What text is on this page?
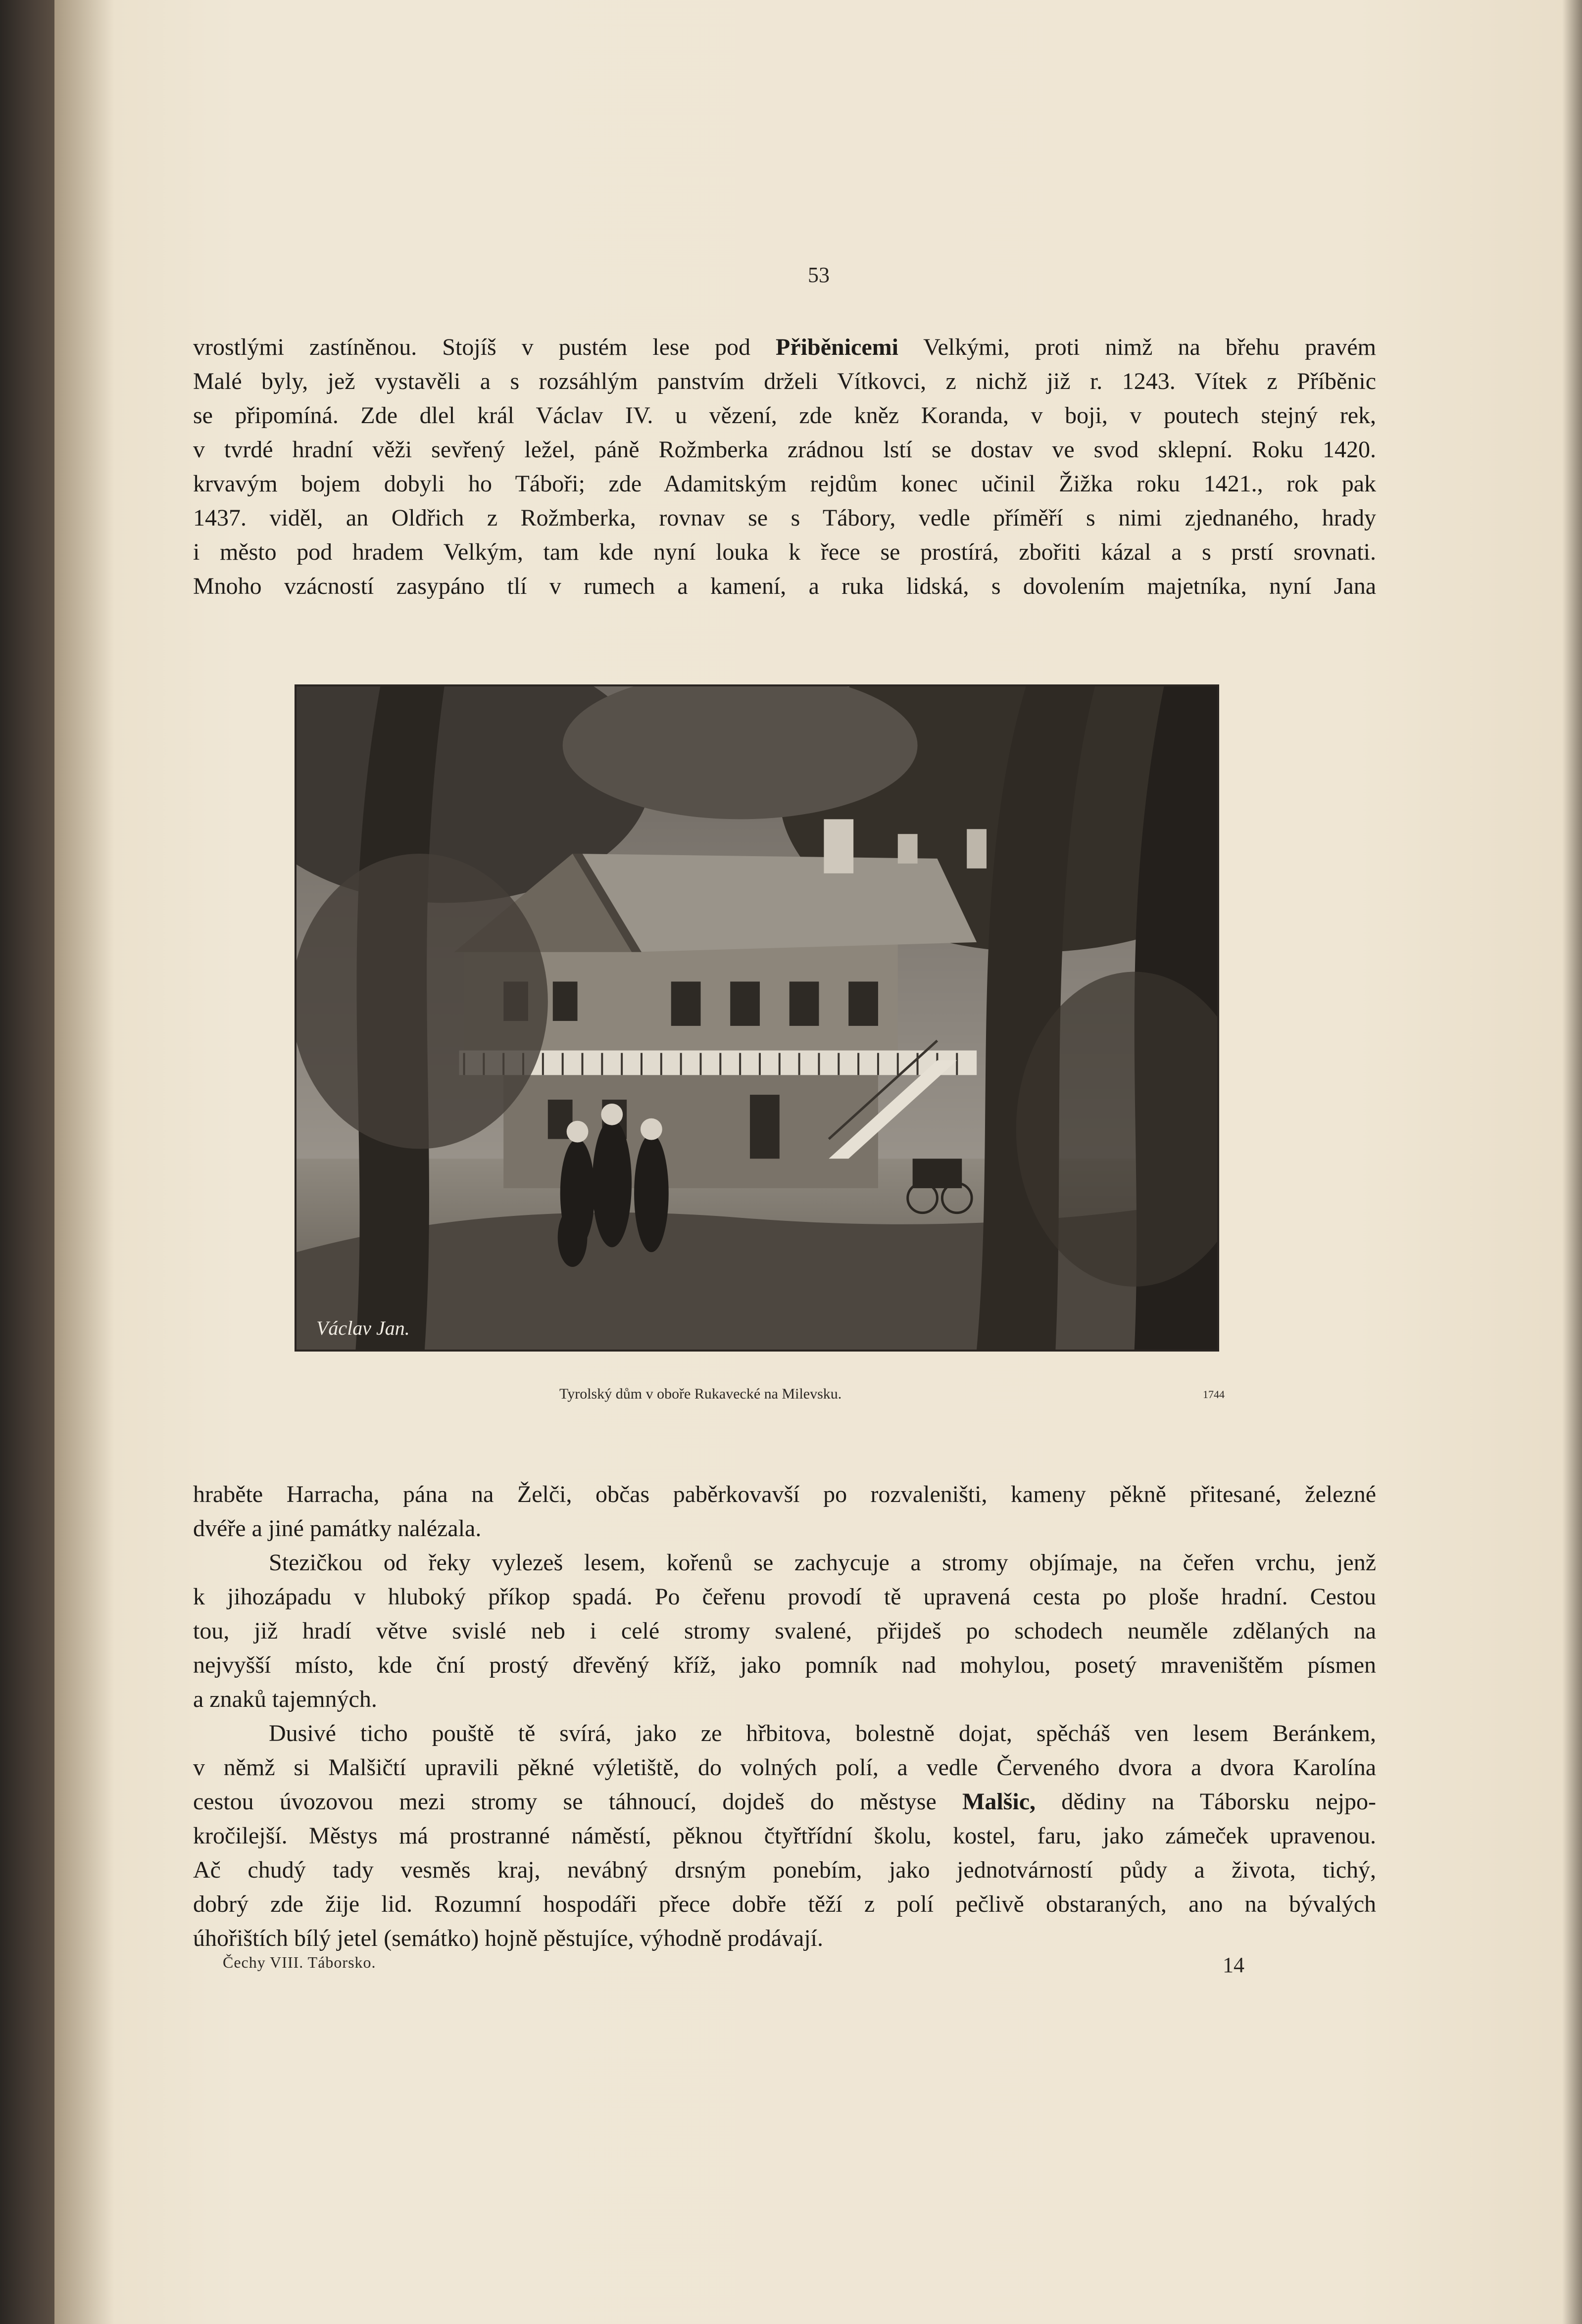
53
vrostlými zastíněnou. Stojíš v pustém lese pod Přiběnicemi Velkými, proti nimž na břehu pravém
Malé byly, jež vystavěli a s rozsáhlým panstvím drželi Vítkovci, z nichž již r. 1243. Vítek z Příběnic
se připomíná. Zde dlel král Václav IV. u vězení, zde kněz Koranda, v boji, v poutech stejný rek,
v tvrdé hradní věži sevřený ležel, páně Rožmberka zrádnou lstí se dostav ve svod sklepní. Roku 1420.
krvavým bojem dobyli ho Táboři; zde Adamitským rejdům konec učinil Žižka roku 1421., rok pak
1437. viděl, an Oldřich z Rožmberka, rovnav se s Tábory, vedle příměří s nimi zjednaného, hrady
i město pod hradem Velkým, tam kde nyní louka k řece se prostírá, zbořiti kázal a s prstí srovnati.
Mnoho vzácností zasypáno tlí v rumech a kamení, a ruka lidská, s dovolením majetníka, nyní Jana
Václav Jan.
Tyrolský dům v oboře Rukavecké na Milevsku.	1744
hraběte Harracha, pána na Želči, občas paběrkovavší po rozvaleništi, kameny pěkně přitesané, železné
dvéře a jiné památky nalézala.
Stezičkou od řeky vylezeš lesem, kořenů se zachycuje a stromy objímaje, na čeřen vrchu, jenž
k jihozápadu v hluboký příkop spadá. Po čeřenu provodí tě upravená cesta po ploše hradní. Cestou
tou, již hradí větve svislé neb i celé stromy svalené, přijdeš po schodech neuměle zdělaných na
nejvyšší místo, kde ční prostý dřevěný kříž, jako pomník nad mohylou, posetý mraveništěm písmen
a znaků tajemných.
Dusivé ticho pouště tě svírá, jako ze hřbitova, bolestně dojat, spěcháš ven lesem Beránkem,
v němž si Malšičtí upravili pěkné výletiště, do volných polí, a vedle Červeného dvora a dvora Karolína
cestou úvozovou mezi stromy se táhnoucí, dojdeš do městyse Malšic, dědiny na Táborsku nejpo-
kročilejší. Městys má prostranné náměstí, pěknou čtyřtřídní školu, kostel, faru, jako zámeček upravenou.
Ač chudý tady vesměs kraj, nevábný drsným ponebím, jako jednotvárností půdy a života, tichý,
dobrý zde žije lid. Rozumní hospodáři přece dobře těží z polí pečlivě obstaraných, ano na bývalých
úhořištích bílý jetel (semátko) hojně pěstujíce, výhodně prodávají.
Čechy VIII. Táborsko.	14
